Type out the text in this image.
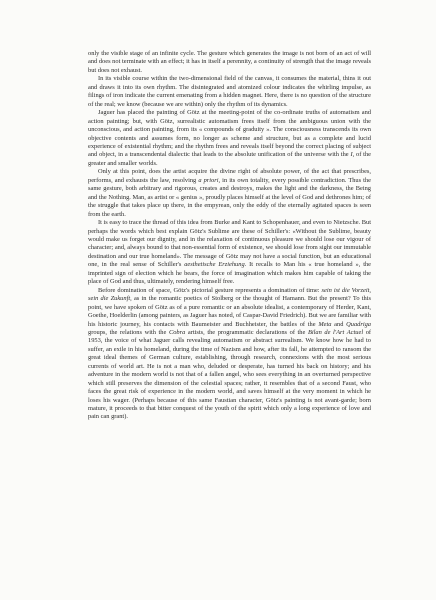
only the visible stage of an infinite cycle. The gesture which generates the image is not born of an act of will and does not terminate with an effect; it has in itself a perennity, a continuity of strength that the image reveals but does not exhaust.

In its visible course within the two-dimensional field of the canvas, it consumes the material, thins it out and draws it into its own rhythm. The disintegrated and atomized colour indicates the whirling impulse, as filings of iron indicate the current emenating from a hidden magnet. Here, there is no question of the structure of the real; we know (because we are within) only the rhythm of its dynamics.

Jaguer has placed the painting of Götz at the meeting-point of the co-ordinate truths of automatism and action painting; but, with Götz, surrealistic automatism frees itself from the ambiguous union with the unconscious, and action painting, from its « compounds of graduity ». The consciousness transcends its own objective contents and assumes form, no longer as scheme and structure, but as a complete and lucid experience of existential rhythm; and the rhythm frees and reveals itself beyond the correct placing of subject and object, in a transcendental dialectic that leads to the absolute unification of the universe with the I, of the greater and smaller worlds.

Only at this point, does the artist acquire the divine right of absolute power, of the act that prescribes, performs, and exhausts the law, resolving a priori, in its own totality, every possible contradiction. Thus the same gesture, both arbitrary and rigorous, creates and destroys, makes the light and the darkness, the Being and the Nothing. Man, as artist or « genius », proudly places himself at the level of God and dethrones him; of the struggle that takes place up there, in the empyrean, only the eddy of the eternally agitated spaces is seen from the earth.

It is easy to trace the thread of this idea from Burke and Kant to Schopenhauer, and even to Nietzsche. But perhaps the words which best explain Götz's Sublime are these of Schiller's: «Without the Sublime, beauty would make us forget our dignity, and in the relaxation of continuous pleasure we should lose our vigour of character; and, always bound to that non-essential form of existence, we should lose from sight our immutable destination and our true homeland». The message of Götz may not have a social function, but an educational one, in the real sense of Schiller's aesthetische Erziehung. It recalls to Man his « true homeland », the imprinted sign of election which he bears, the force of imagination which makes him capable of taking the place of God and thus, ultimately, rendering himself free.

Before domination of space, Götz's pictorial gesture represents a domination of time: sein ist die Vorzeit, sein die Zukunft, as in the romantic poetics of Stolberg or the thought of Hamann. But the present? To this point, we have spoken of Götz as of a pure romantic or an absolute idealist, a contemporary of Herder, Kant, Goethe, Hoelderlin (among painters, as Jaguer has noted, of Caspar-David Friedrich). But we are familiar with his historic journey, his contacts with Baumeister and Buchheister, the battles of the Meta and Quadriga groups, the relations with the Cobra artists, the programmatic declarations of the Bilan de l'Art Actuel of 1953, the voice of what Jaguer calls revealing automatism or abstract surrealism. We know how he had to suffer, an exile in his homeland, during the time of Nazism and how, after its fall, he attempted to ransom the great ideal themes of German culture, establishing, through research, connexions with the most serious currents of world art. He is not a man who, deluded or desperate, has turned his back on history; and his adventure in the modern world is not that of a fallen angel, who sees everything in an overturned perspective which still preserves the dimension of the celestial spaces; rather, it resembles that of a second Faust, who faces the great risk of experience in the modern world, and saves himself at the very moment in which he loses his wager. (Perhaps because of this same Faustian character, Götz's painting is not avant-garde; born mature, it proceeds to that bitter conquest of the youth of the spirit which only a long experience of love and pain can grant).
